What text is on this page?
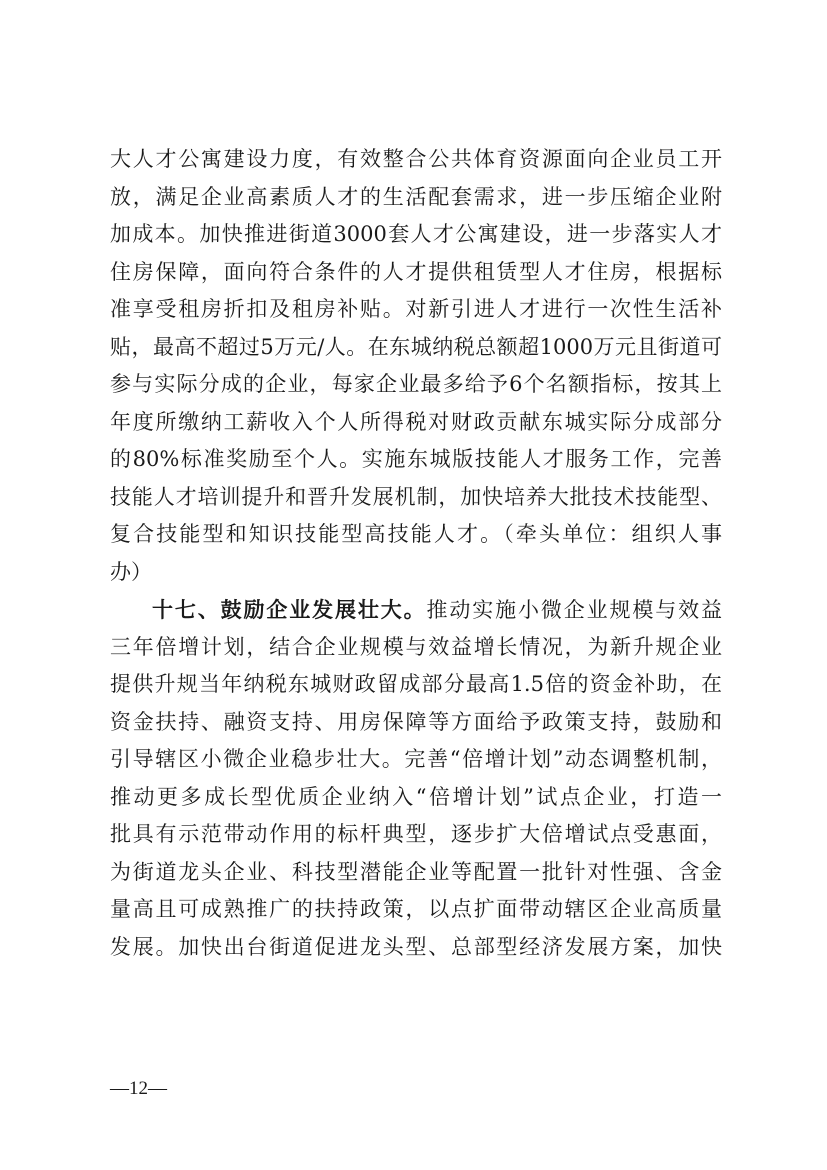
大人才公寓建设力度，有效整合公共体育资源面向企业员工开
放，满足企业高素质人才的生活配套需求，进一步压缩企业附
加成本。加快推进街道3000套人才公寓建设，进一步落实人才
住房保障，面向符合条件的人才提供租赁型人才住房，根据标
准享受租房折扣及租房补贴。对新引进人才进行一次性生活补
贴，最高不超过5万元/人。在东城纳税总额超1000万元且街道可
参与实际分成的企业，每家企业最多给予6个名额指标，按其上
年度所缴纳工薪收入个人所得税对财政贡献东城实际分成部分
的80%标准奖励至个人。实施东城版技能人才服务工作，完善
技能人才培训提升和晋升发展机制，加快培养大批技术技能型、
复合技能型和知识技能型高技能人才。（牵头单位：组织人事
办）
十七、鼓励企业发展壮大。推动实施小微企业规模与效益
三年倍增计划，结合企业规模与效益增长情况，为新升规企业
提供升规当年纳税东城财政留成部分最高1.5倍的资金补助，在
资金扶持、融资支持、用房保障等方面给予政策支持，鼓励和
引导辖区小微企业稳步壮大。完善“倍增计划”动态调整机制，
推动更多成长型优质企业纳入“倍增计划”试点企业，打造一
批具有示范带动作用的标杆典型，逐步扩大倍增试点受惠面，
为街道龙头企业、科技型潜能企业等配置一批针对性强、含金
量高且可成熟推广的扶持政策，以点扩面带动辖区企业高质量
发展。加快出台街道促进龙头型、总部型经济发展方案，加快
—12—
